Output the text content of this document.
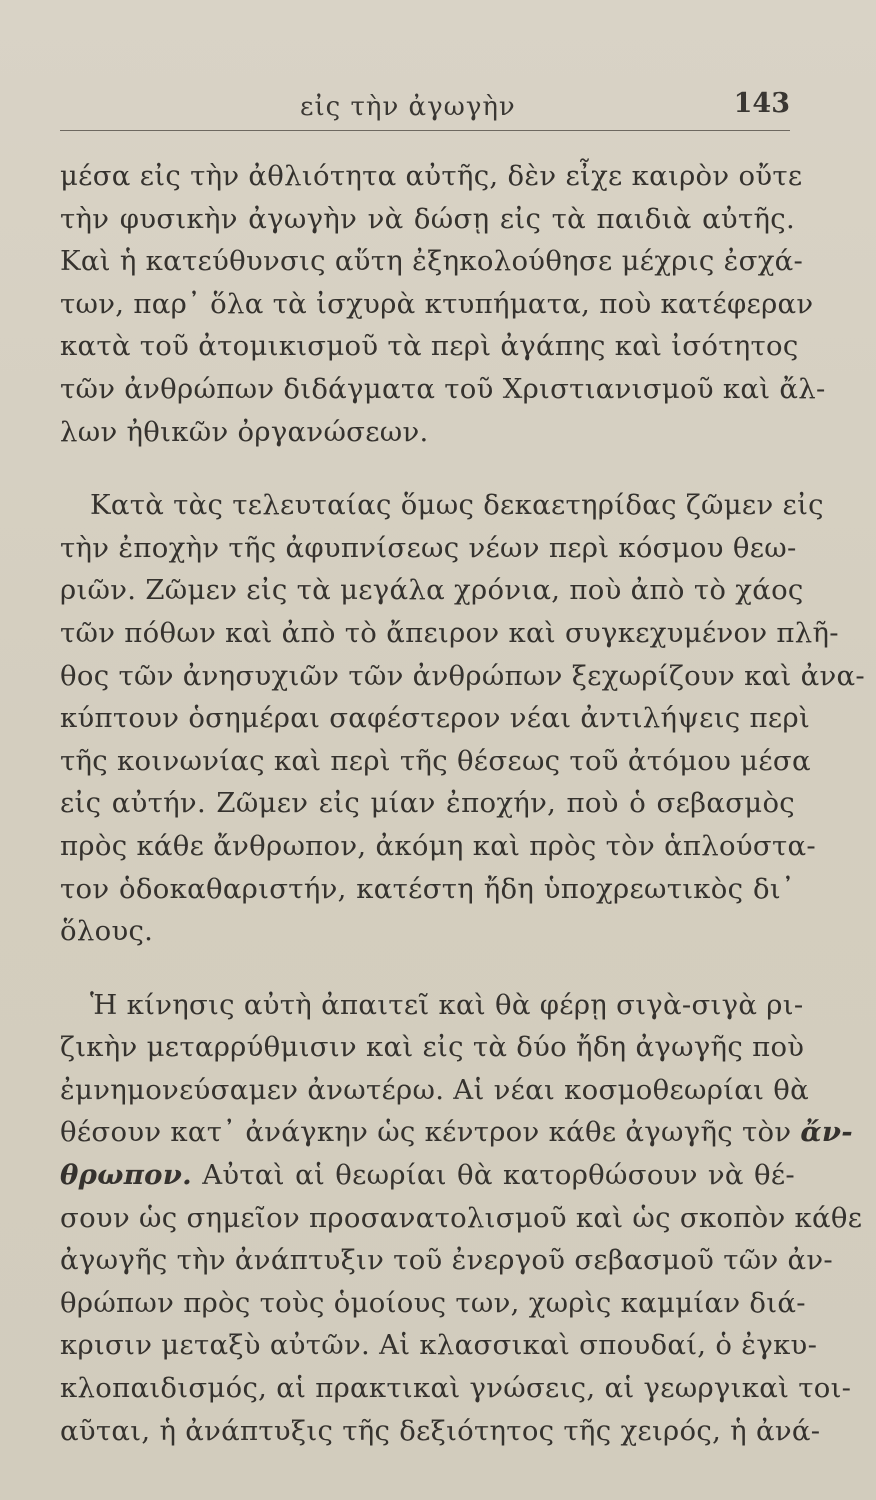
εἰς τὴν ἀγωγὴν	143
μέσα εἰς τὴν ἀθλιότητα αὐτῆς, δὲν εἶχε καιρὸν οὔτε
τὴν φυσικὴν ἀγωγὴν νὰ δώσῃ εἰς τὰ παιδιὰ αὐτῆς.
Καὶ ἡ κατεύθυνσις αὕτη ἐξηκολούθησε μέχρις ἐσχά-
των, παρ᾽ ὅλα τὰ ἰσχυρὰ κτυπήματα, ποὺ κατέφεραν
κατὰ τοῦ ἀτομικισμοῦ τὰ περὶ ἀγάπης καὶ ἰσότητος
τῶν ἀνθρώπων διδάγματα τοῦ Χριστιανισμοῦ καὶ ἄλ-
λων ἠθικῶν ὀργανώσεων.
Κατὰ τὰς τελευταίας ὅμως δεκαετηρίδας ζῶμεν εἰς
τὴν ἐποχὴν τῆς ἀφυπνίσεως νέων περὶ κόσμου θεω-
ριῶν. Ζῶμεν εἰς τὰ μεγάλα χρόνια, ποὺ ἀπὸ τὸ χάος
τῶν πόθων καὶ ἀπὸ τὸ ἄπειρον καὶ συγκεχυμένον πλῆ-
θος τῶν ἀνησυχιῶν τῶν ἀνθρώπων ξεχωρίζουν καὶ ἀνα-
κύπτουν ὁσημέραι σαφέστερον νέαι ἀντιλήψεις περὶ
τῆς κοινωνίας καὶ περὶ τῆς θέσεως τοῦ ἀτόμου μέσα
εἰς αὐτήν. Ζῶμεν εἰς μίαν ἐποχήν, ποὺ ὁ σεβασμὸς
πρὸς κάθε ἄνθρωπον, ἀκόμη καὶ πρὸς τὸν ἁπλούστα-
τον ὁδοκαθαριστήν, κατέστη ἤδη ὑποχρεωτικὸς δι᾽
ὅλους.
Ἡ κίνησις αὐτὴ ἀπαιτεῖ καὶ θὰ φέρῃ σιγὰ-σιγὰ ρι-
ζικὴν μεταρρύθμισιν καὶ εἰς τὰ δύο ἤδη ἀγωγῆς ποὺ
ἐμνημονεύσαμεν ἀνωτέρω. Αἱ νέαι κοσμοθεωρίαι θὰ
θέσουν κατ᾽ ἀνάγκην ὡς κέντρον κάθε ἀγωγῆς τὸν ἄν-
θρωπον. Αὐταὶ αἱ θεωρίαι θὰ κατορθώσουν νὰ θέ-
σουν ὡς σημεῖον προσανατολισμοῦ καὶ ὡς σκοπὸν κάθε
ἀγωγῆς τὴν ἀνάπτυξιν τοῦ ἐνεργοῦ σεβασμοῦ τῶν ἀν-
θρώπων πρὸς τοὺς ὁμοίους των, χωρὶς καμμίαν διά-
κρισιν μεταξὺ αὐτῶν. Αἱ κλασσικαὶ σπουδαί, ὁ ἐγκυ-
κλοπαιδισμός, αἱ πρακτικαὶ γνώσεις, αἱ γεωργικαὶ τοι-
αῦται, ἡ ἀνάπτυξις τῆς δεξιότητος τῆς χειρός, ἡ ἀνά-
